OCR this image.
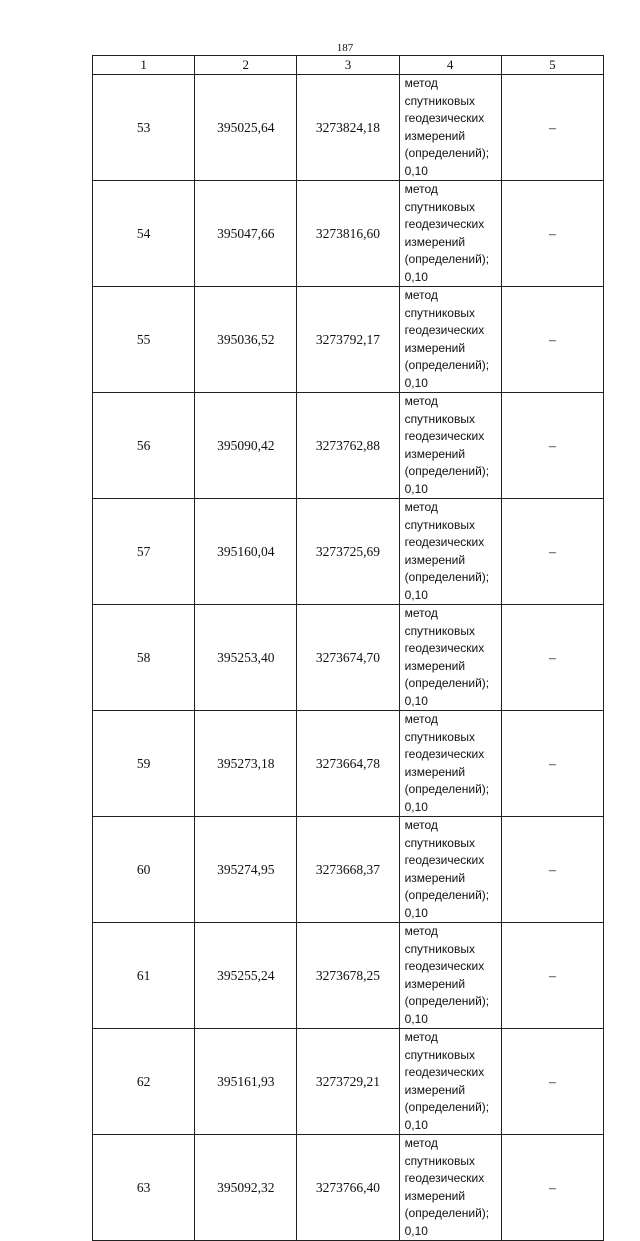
187
1	2	3	4	5
53	395025,64	3273824,18	метод спутниковых
геодезических
измерений
(определений); 0,10	–
54	395047,66	3273816,60	метод спутниковых
геодезических
измерений
(определений); 0,10	–
55	395036,52	3273792,17	метод спутниковых
геодезических
измерений
(определений); 0,10	–
56	395090,42	3273762,88	метод спутниковых
геодезических
измерений
(определений); 0,10	–
57	395160,04	3273725,69	метод спутниковых
геодезических
измерений
(определений); 0,10	–
58	395253,40	3273674,70	метод спутниковых
геодезических
измерений
(определений); 0,10	–
59	395273,18	3273664,78	метод спутниковых
геодезических
измерений
(определений); 0,10	–
60	395274,95	3273668,37	метод спутниковых
геодезических
измерений
(определений); 0,10	–
61	395255,24	3273678,25	метод спутниковых
геодезических
измерений
(определений); 0,10	–
62	395161,93	3273729,21	метод спутниковых
геодезических
измерений
(определений); 0,10	–
63	395092,32	3273766,40	метод спутниковых
геодезических
измерений
(определений); 0,10	–
